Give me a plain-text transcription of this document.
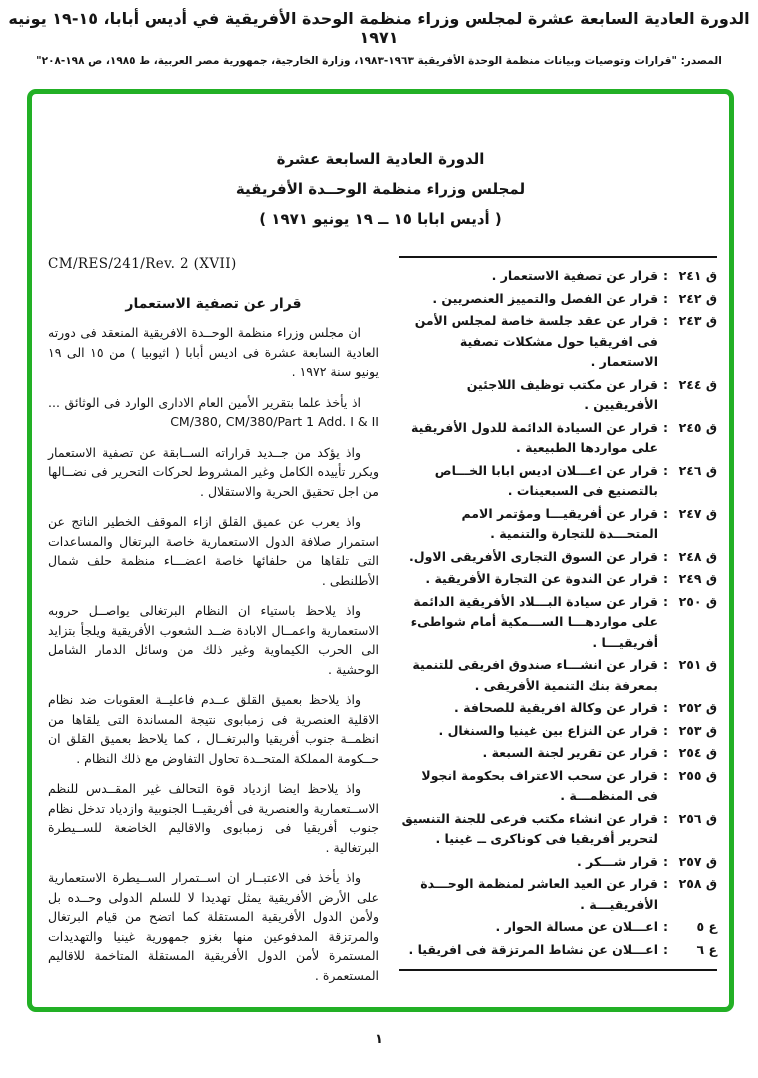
الدورة العادية السابعة عشرة لمجلس وزراء منظمة الوحدة الأفريقية في أديس أبابا، ١٥-١٩ يونيه ١٩٧١
المصدر: "قرارات وتوصيات وبيانات منظمة الوحدة الأفريقية ١٩٦٣-١٩٨٣، وزارة الخارجية، جمهورية مصر العربية، ط ١٩٨٥، ص ١٩٨-٢٠٨"
الدورة العادية السابعة عشرة
لمجلس وزراء منظمة الوحــدة الأفريقية
( أديس ابابا ١٥ ــ ١٩ يونيو ١٩٧١ )
ق ٢٤١
:
قرار عن تصفية الاستعمار .
ق ٢٤٢
:
قرار عن الفصل والتمييز العنصريين .
ق ٢٤٣
:
قرار عن عقد جلسة خاصة لمجلس الأمن فى افريقيا حول مشكلات تصفية الاستعمار .
ق ٢٤٤
:
قرار عن مكتب توظيف اللاجئين الأفريقيين .
ق ٢٤٥
:
قرار عن السيادة الدائمة للدول الأفريقية على مواردها الطبيعية .
ق ٢٤٦
:
قرار عن اعـــلان اديس ابابا الخـــاص بالتصنيع فى السبعينات .
ق ٢٤٧
:
قرار عن أفريقيـــا ومؤتمر الامم المتحـــدة للتجارة والتنمية .
ق ٢٤٨
:
قرار عن السوق التجارى الأفريقى الاول.
ق ٢٤٩
:
قرار عن الندوة عن التجارة الأفريقية .
ق ٢٥٠
:
قرار عن سيادة البـــلاد الأفريقية الدائمة على مواردهـــا الســـمكية أمام شواطىء أفريقيـــا .
ق ٢٥١
:
قرار عن انشـــاء صندوق افريقى للتنمية بمعرفة بنك التنمية الأفريقى .
ق ٢٥٢
:
قرار عن وكالة افريقية للصحافة .
ق ٢٥٣
:
قرار عن النزاع بين غينيا والسنغال .
ق ٢٥٤
:
قرار عن تقرير لجنة السبعة .
ق ٢٥٥
:
قرار عن سحب الاعتراف بحكومة انجولا فى المنظمـــة .
ق ٢٥٦
:
قرار عن انشاء مكتب فرعى للجنة التنسيق لتحرير أفريقيا فى كوناكرى ــ غينيا .
ق ٢٥٧
:
قرار شـــكر .
ق ٢٥٨
:
قرار عن العيد العاشر لمنظمة الوحـــدة الأفريقيـــة .
ع ٥
:
اعـــلان عن مسالة الحوار .
ع ٦
:
اعـــلان عن نشاط المرتزقة فى افريقيا .
CM/RES/241/Rev. 2 (XVII)
قرار عن تصفية الاستعمار
ان مجلس وزراء منظمة الوحــدة الافريقية المنعقد فى دورته العادية السابعة عشرة فى اديس أبابا ( اثيوبيا ) من ١٥ الى ١٩ يونيو سنة ١٩٧٢ .
اذ يأخذ علما بتقرير الأمين العام الادارى الوارد فى الوثائق ... CM/380, CM/380/Part 1 Add. I & II
واذ يؤكد من جــديد قراراته الســابقة عن تصفية الاستعمار ويكرر تأييده الكامل وغير المشروط لحركات التحرير فى نضــالها من اجل تحقيق الحرية والاستقلال .
واذ يعرب عن عميق القلق ازاء الموقف الخطير الناتج عن استمرار صلافة الدول الاستعمارية خاصة البرتغال والمساعدات التى تلقاها من حلفائها خاصة اعضـــاء منظمة حلف شمال الأطلنطى .
واذ يلاحظ باستياء ان النظام البرتغالى يواصــل حروبه الاستعمارية واعمــال الابادة ضــد الشعوب الأفريقية ويلجأ بتزايد الى الحرب الكيماوية وغير ذلك من وسائل الدمار الشامل الوحشية .
واذ يلاحظ بعميق القلق عــدم فاعليــة العقوبات ضد نظام الاقلية العنصرية فى زمبابوى نتيجة المساندة التى يلقاها من انظمــة جنوب أفريقيا والبرتغــال ، كما يلاحظ بعميق القلق ان حــكومة المملكة المتحــدة تحاول التفاوض مع ذلك النظام .
واذ يلاحظ ايضا ازدياد قوة التحالف غير المقــدس للنظم الاســتعمارية والعنصرية فى أفريقيــا الجنوبية وازدياد تدخل نظام جنوب أفريقيا فى زمبابوى والاقاليم الخاضعة للســيطرة البرتغالية .
واذ يأخذ فى الاعتبــار ان اســتمرار الســيطرة الاستعمارية على الأرض الأفريقية يمثل تهديدا لا للسلم الدولى وحــده بل ولأمن الدول الأفريقية المستقلة كما اتضح من قيام البرتغال والمرتزقة المدفوعين منها بغزو جمهورية غينيا والتهديدات المستمرة لأمن الدول الأفريقية المستقلة المتاخمة للاقاليم المستعمرة .
١
